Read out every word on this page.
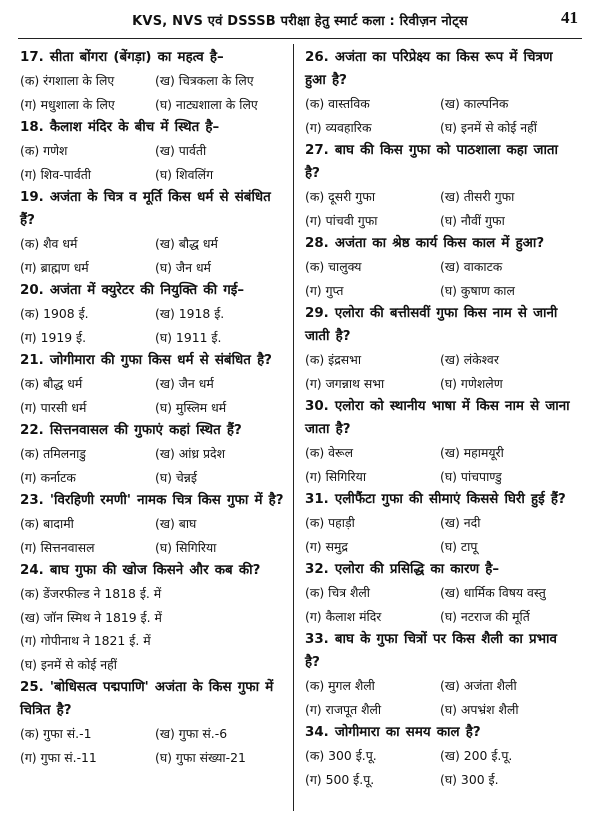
KVS, NVS एवं DSSSB परीक्षा हेतु स्मार्ट कला : रिवीज़न नोट्स	41
17. सीता बोंगरा (बेंगड़ा) का महत्व है–
(क) रंगशाला के लिए	(ख) चित्रकला के लिए
(ग) मधुशाला के लिए	(घ) नाट्यशाला के लिए
18. कैलाश मंदिर के बीच में स्थित है–
(क) गणेश	(ख) पार्वती
(ग) शिव-पार्वती	(घ) शिवलिंग
19. अजंता के चित्र व मूर्ति किस धर्म से संबंधित हैं?
(क) शैव धर्म	(ख) बौद्ध धर्म
(ग) ब्राह्मण धर्म	(घ) जैन धर्म
20. अजंता में क्युरेटर की नियुक्ति की गई–
(क) 1908 ई.	(ख) 1918 ई.
(ग) 1919 ई.	(घ) 1911 ई.
21. जोगीमारा की गुफा किस धर्म से संबंधित है?
(क) बौद्ध धर्म	(ख) जैन धर्म
(ग) पारसी धर्म	(घ) मुस्लिम धर्म
22. सित्तनवासल की गुफाएं कहां स्थित हैं?
(क) तमिलनाडु	(ख) आंध्र प्रदेश
(ग) कर्नाटक	(घ) चेन्नई
23. 'विरहिणी रमणी' नामक चित्र किस गुफा में है?
(क) बादामी	(ख) बाघ
(ग) सित्तनवासल	(घ) सिगिरिया
24. बाघ गुफा की खोज किसने और कब की?
(क) डेंजरफील्ड ने 1818 ई. में
(ख) जॉन स्मिथ ने 1819 ई. में
(ग) गोपीनाथ ने 1821 ई. में
(घ) इनमें से कोई नहीं
25. 'बोधिसत्व पद्मपाणि' अजंता के किस गुफा में चित्रित है?
(क) गुफा सं.-1	(ख) गुफा सं.-6
(ग) गुफा सं.-11	(घ) गुफा संख्या-21
26. अजंता का परिप्रेक्ष्य का किस रूप में चित्रण हुआ है?
(क) वास्तविक	(ख) काल्पनिक
(ग) व्यवहारिक	(घ) इनमें से कोई नहीं
27. बाघ की किस गुफा को पाठशाला कहा जाता है?
(क) दूसरी गुफा	(ख) तीसरी गुफा
(ग) पांचवी गुफा	(घ) नौवीं गुफा
28. अजंता का श्रेष्ठ कार्य किस काल में हुआ?
(क) चालुक्य	(ख) वाकाटक
(ग) गुप्त	(घ) कुषाण काल
29. एलोरा की बत्तीसवीं गुफा किस नाम से जानी जाती है?
(क) इंद्रसभा	(ख) लंकेश्वर
(ग) जगन्नाथ सभा	(घ) गणेशलेण
30. एलोरा को स्थानीय भाषा में किस नाम से जाना जाता है?
(क) वेरूल	(ख) महामयूरी
(ग) सिगिरिया	(घ) पांचपाण्डु
31. एलीफैंटा गुफा की सीमाएं किससे घिरी हुई हैं?
(क) पहाड़ी	(ख) नदी
(ग) समुद्र	(घ) टापू
32. एलोरा की प्रसिद्धि का कारण है–
(क) चित्र शैली	(ख) धार्मिक विषय वस्तु
(ग) कैलाश मंदिर	(घ) नटराज की मूर्ति
33. बाघ के गुफा चित्रों पर किस शैली का प्रभाव है?
(क) मुगल शैली	(ख) अजंता शैली
(ग) राजपूत शैली	(घ) अपभ्रंश शैली
34. जोगीमारा का समय काल है?
(क) 300 ई.पू.	(ख) 200 ई.पू.
(ग) 500 ई.पू.	(घ) 300 ई.
